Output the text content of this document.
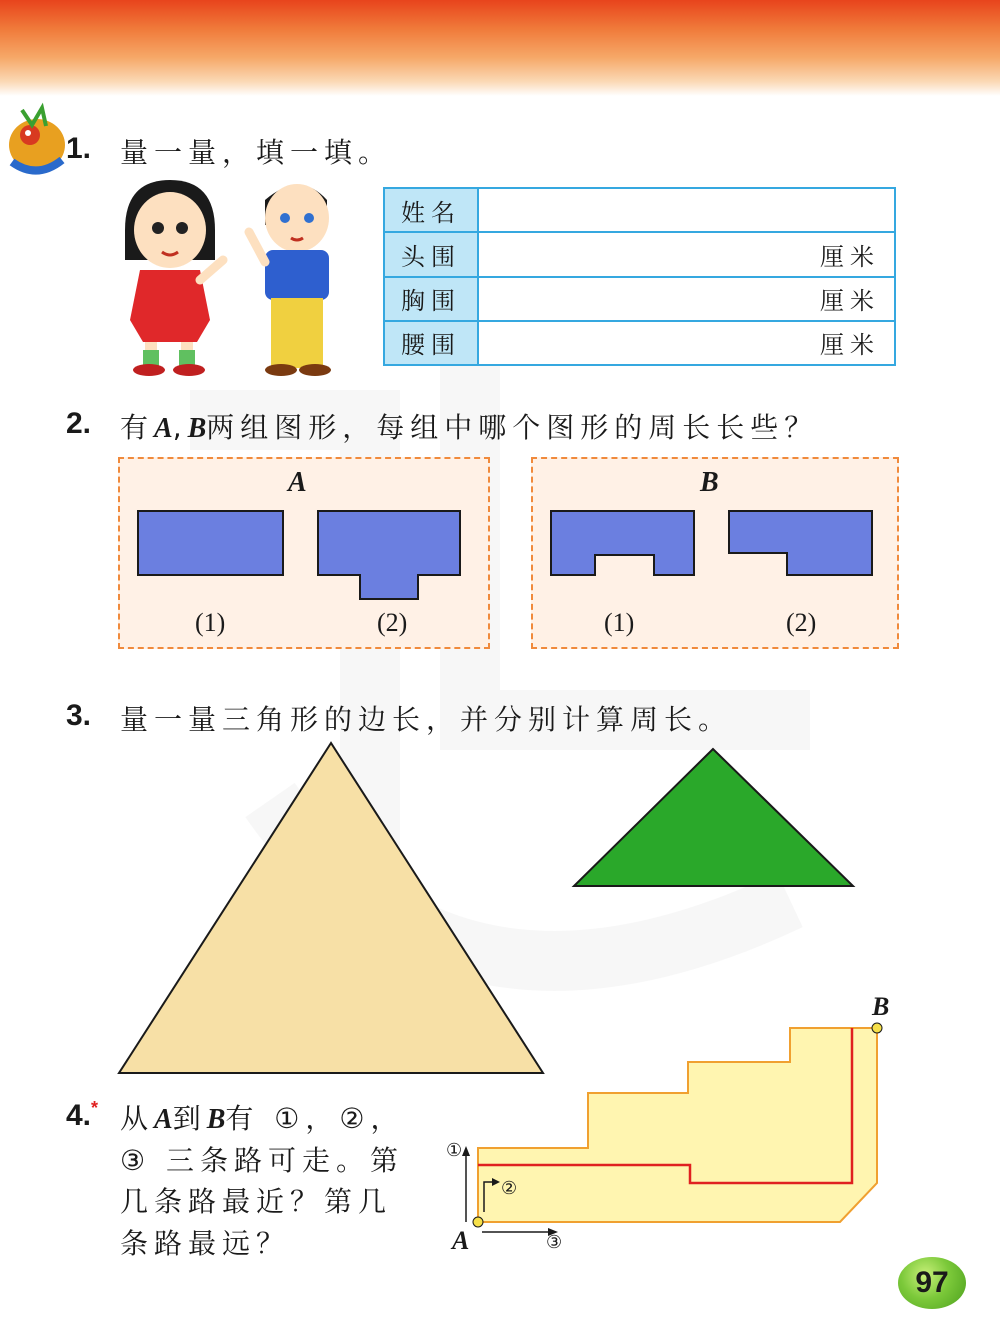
1. 量一量，填一填。
姓名	
头围	厘米
胸围	厘米
腰围	厘米
2. 有A,B两组图形，每组中哪个图形的周长长些？
A
(1)	(2)
B
(1)	(2)
3. 量一量三角形的边长，并分别计算周长。
4.* 从A到B有 ①，②，
③ 三条路可走。第
几条路最近？第几
条路最远？	A
B
①
②
③
97
